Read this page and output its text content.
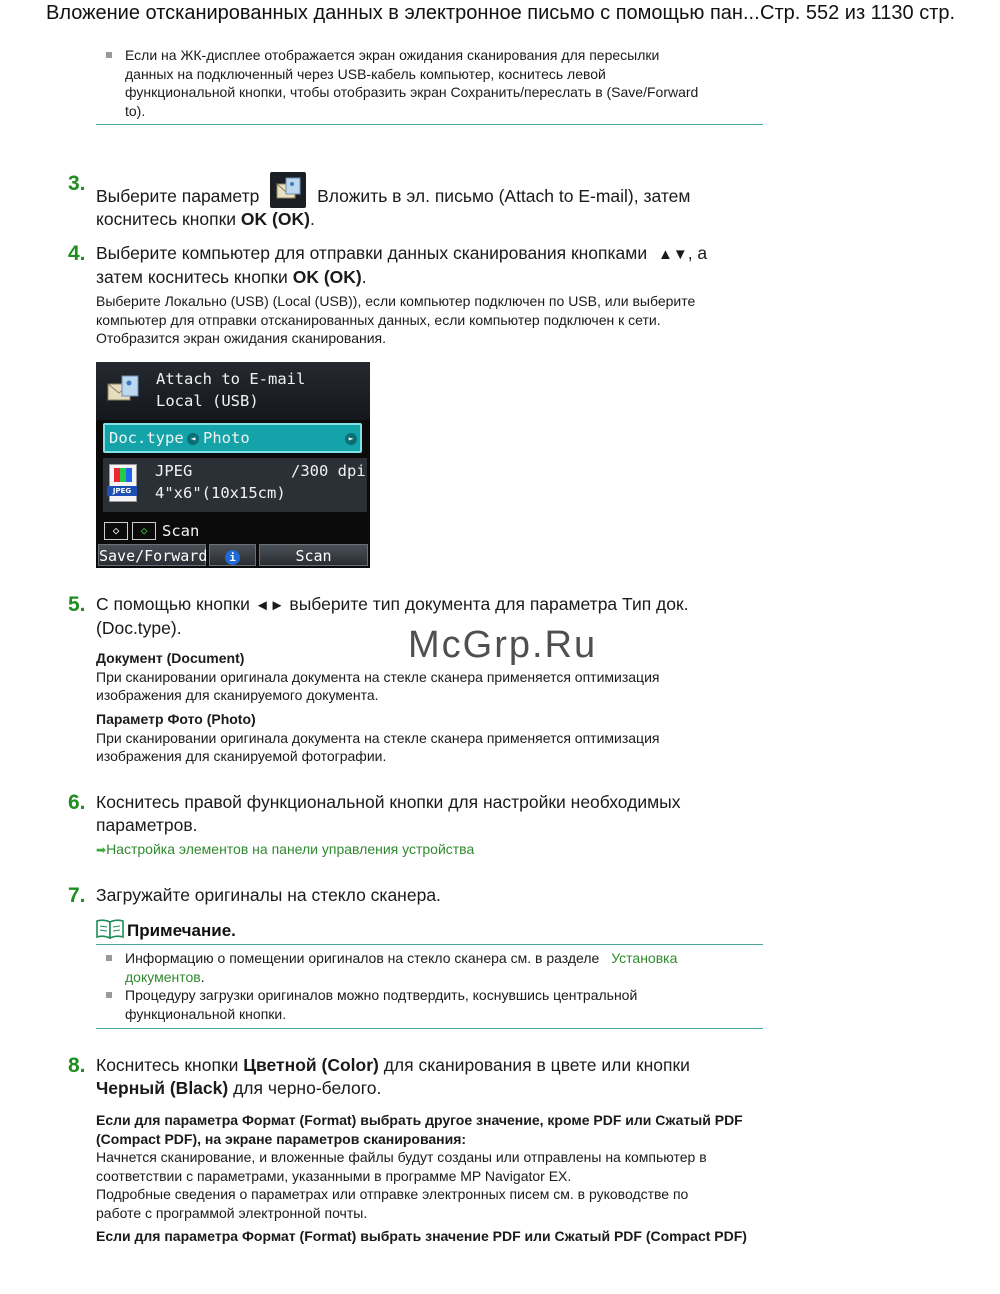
Вложение отсканированных данных в электронное письмо с помощью пан... Стр. 552 из 1130 стр.
Если на ЖК-дисплее отображается экран ожидания сканирования для пересылки
данных на подключенный через USB-кабель компьютер, коснитесь левой
функциональной кнопки, чтобы отобразить экран Сохранить/переслать в (Save/Forward
to).
3.
Выберите параметр	Вложить в эл. письмо (Attach to E-mail), затем
коснитесь кнопки OK (OK).
4. Выберите компьютер для отправки данных сканирования кнопками ▲▼, а
затем коснитесь кнопки OK (OK).
Выберите Локально (USB) (Local (USB)), если компьютер подключен по USB, или выберите
компьютер для отправки отсканированных данных, если компьютер подключен к сети.
Отобразится экран ожидания сканирования.
Attach to E-mail
Local (USB)
Doc.type ◄ Photo	►
JPEG
JPEG	/300 dpi
4"x6"(10x15cm)
◇	◇ Scan
Save/Forward	i	Scan settings
5. С помощью кнопки ◄► выберите тип документа для параметра Тип док.
(Doc.type).
Документ (Document)
При сканировании оригинала документа на стекле сканера применяется оптимизация
изображения для сканируемого документа.
Параметр Фото (Photo)
При сканировании оригинала документа на стекле сканера применяется оптимизация
изображения для сканируемой фотографии.
McGrp.Ru
6. Коснитесь правой функциональной кнопки для настройки необходимых
параметров.
➡Настройка элементов на панели управления устройства
7. Загружайте оригиналы на стекло сканера.
Примечание.
Информацию о помещении оригиналов на стекло сканера см. в разделе Установка
документов.
Процедуру загрузки оригиналов можно подтвердить, коснувшись центральной
функциональной кнопки.
8. Коснитесь кнопки Цветной (Color) для сканирования в цвете или кнопки
Черный (Black) для черно-белого.
Если для параметра Формат (Format) выбрать другое значение, кроме PDF или Сжатый PDF
(Compact PDF), на экране параметров сканирования:
Начнется сканирование, и вложенные файлы будут созданы или отправлены на компьютер в
соответствии с параметрами, указанными в программе MP Navigator EX.
Подробные сведения о параметрах или отправке электронных писем см. в руководстве по
работе с программой электронной почты.
Если для параметра Формат (Format) выбрать значение PDF или Сжатый PDF (Compact PDF)
